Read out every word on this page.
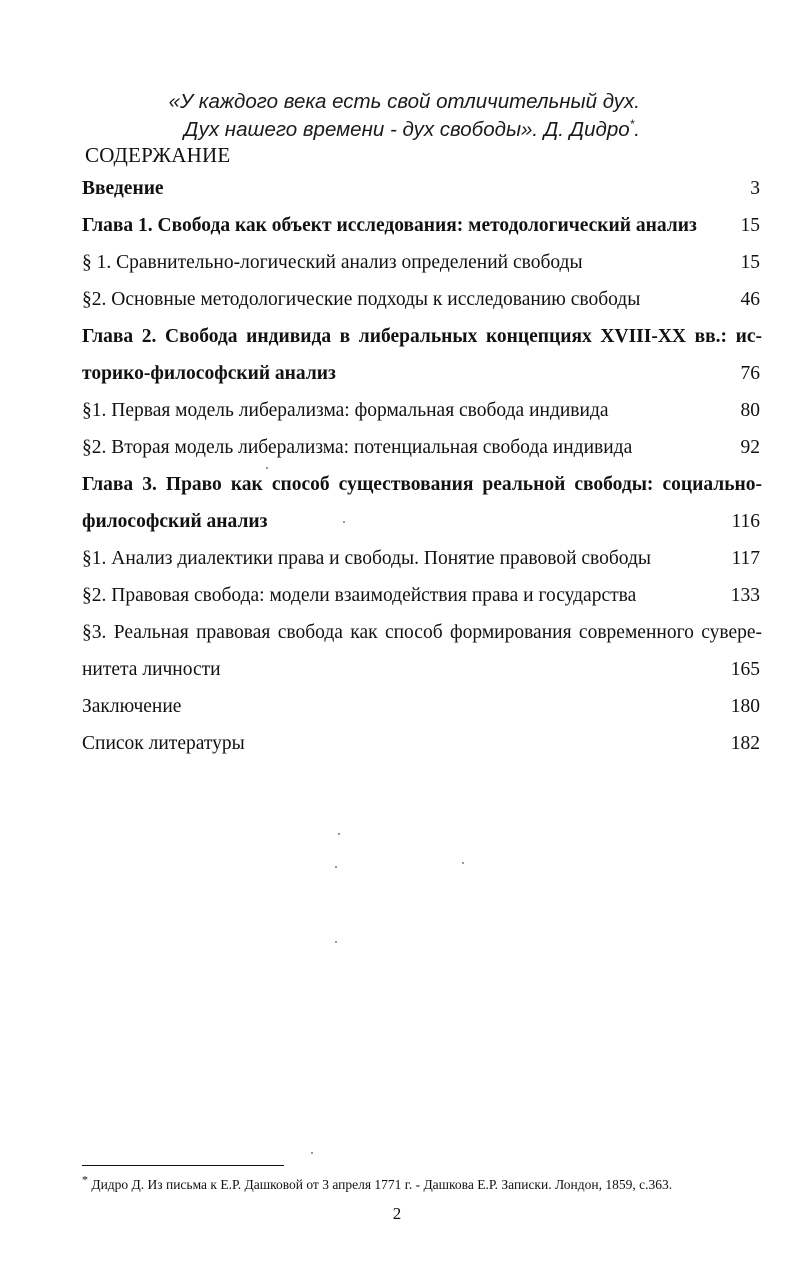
«У каждого века есть свой отличительный дух.
Дух нашего времени - дух свободы». Д. Дидро*.
СОДЕРЖАНИЕ
Введение	3
Глава 1. Свобода как объект исследования: методологический анализ 15
§ 1. Сравнительно-логический анализ определений свободы	15
§2. Основные методологические подходы к исследованию свободы	46
Глава 2. Свобода индивида в либеральных концепциях XVIII-XX вв.: ис-
торико-философский анализ	76
§1. Первая модель либерализма: формальная свобода индивида	80
§2. Вторая модель либерализма: потенциальная свобода индивида	92
Глава 3. Право как способ существования реальной свободы: социально-
философский анализ	116
§1. Анализ диалектики права и свободы. Понятие правовой свободы	117
§2. Правовая свобода: модели взаимодействия права и государства	133
§3. Реальная правовая свобода как способ формирования современного сувере-
нитета личности	165
Заключение	180
Список литературы	182
* Дидро Д. Из письма к Е.Р. Дашковой от 3 апреля 1771 г. - Дашкова Е.Р. Записки. Лондон, 1859, с.363.
2
